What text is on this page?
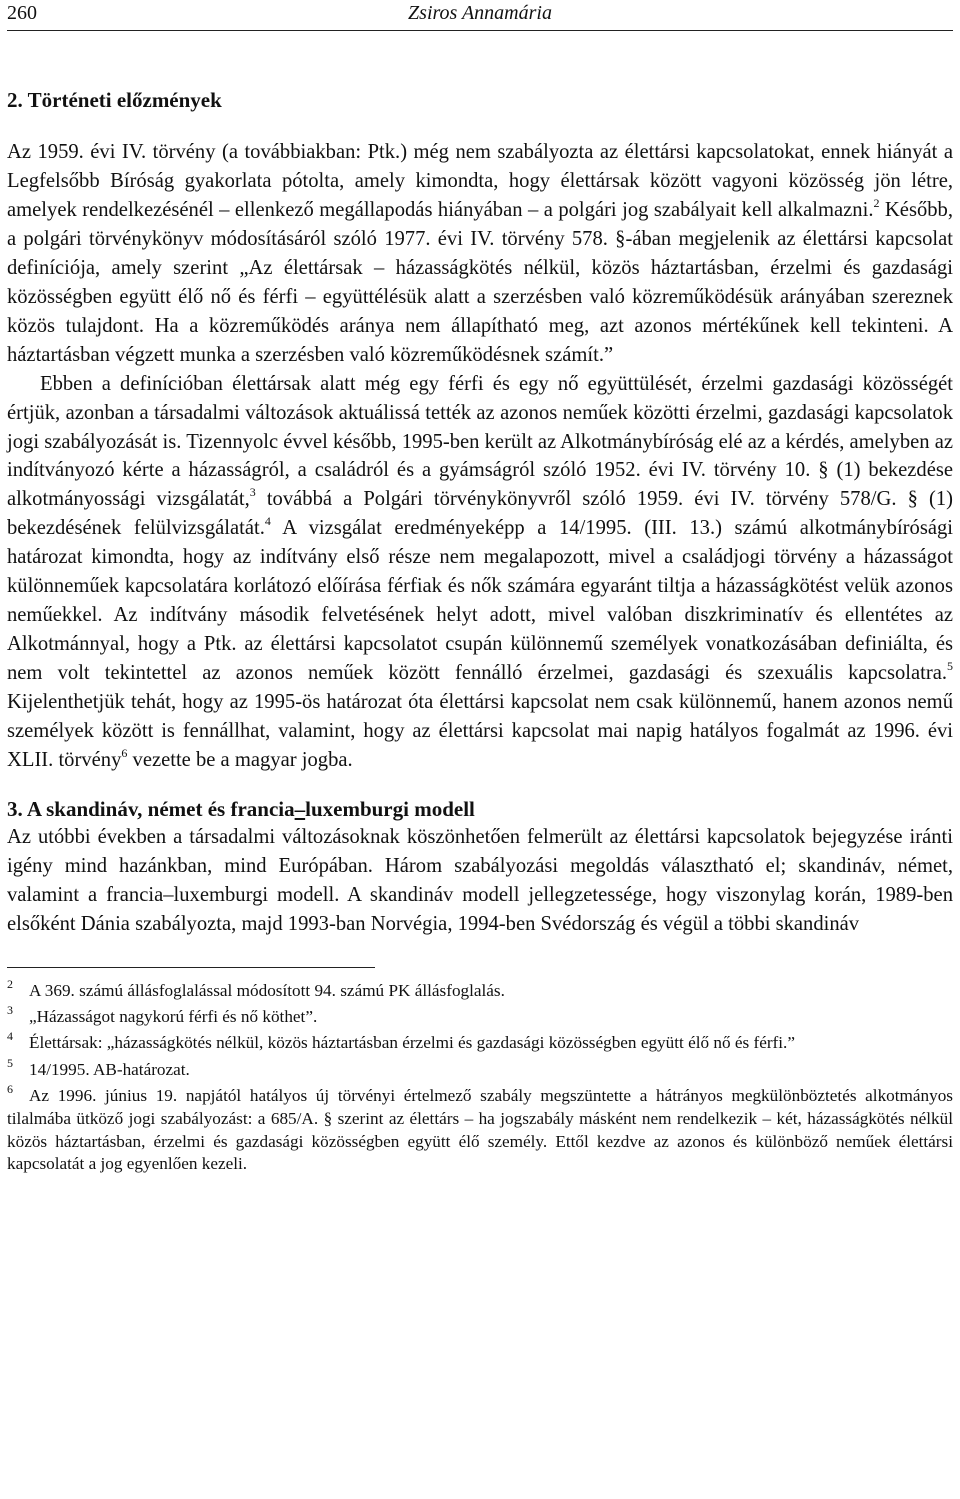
260	Zsiros Annamária
2. Történeti előzmények

Az 1959. évi IV. törvény (a továbbiakban: Ptk.) még nem szabályozta az élettársi kapcsolatokat, ennek hiányát a Legfelsőbb Bíróság gyakorlata pótolta, amely kimondta, hogy élettársak között vagyoni közösség jön létre, amelyek rendelkezésénél – ellenkező megállapodás hiányában – a polgári jog szabályait kell alkalmazni.$^2$ Később, a polgári törvénykönyv módosításáról szóló 1977. évi IV. törvény 578. §-ában megjelenik az élettársi kapcsolat definíciója, amely szerint „Az élettársak – házasságkötés nélkül, közös háztartásban, érzelmi és gazdasági közösségben együtt élő nő és férfi – együttélésük alatt a szerzésben való közreműködésük arányában szereznek közös tulajdont. Ha a közreműködés aránya nem állapítható meg, azt azonos mértékűnek kell tekinteni. A háztartásban végzett munka a szerzésben való közreműködésnek számít.”

Ebben a definícióban élettársak alatt még egy férfi és egy nő együttülését, érzelmi gazdasági közösségét értjük, azonban a társadalmi változások aktuálissá tették az azonos neműek közötti érzelmi, gazdasági kapcsolatok jogi szabályozását is. Tizennyolc évvel később, 1995-ben került az Alkotmánybíróság elé az a kérdés, amelyben az indítványozó kérte a házasságról, a családról és a gyámságról szóló 1952. évi IV. törvény 10. § (1) bekezdése alkotmányossági vizsgálatát,$^3$ továbbá a Polgári törvénykönyvről szóló 1959. évi IV. törvény 578/G. § (1) bekezdésének felülvizsgálatát.$^4$ A vizsgálat eredményeképp a 14/1995. (III. 13.) számú alkotmánybírósági határozat kimondta, hogy az indítvány első része nem megalapozott, mivel a családjogi törvény a házasságot különneműek kapcsolatára korlátozó előírása férfiak és nők számára egyaránt tiltja a házasságkötést velük azonos neműekkel. Az indítvány második felvetésének helyt adott, mivel valóban diszkriminatív és ellentétes az Alkotmánnyal, hogy a Ptk. az élettársi kapcsolatot csupán különnemű személyek vonatkozásában definiálta, és nem volt tekintettel az azonos neműek között fennálló érzelmei, gazdasági és szexuális kapcsolatra.$^5$ Kijelenthetjük tehát, hogy az 1995-ös határozat óta élettársi kapcsolat nem csak különnemű, hanem azonos nemű személyek között is fennállhat, valamint, hogy az élettársi kapcsolat mai napig hatályos fogalmát az 1996. évi XLII. törvény$^6$ vezette be a magyar jogba.

3. A skandináv, német és francia–luxemburgi modell

Az utóbbi években a társadalmi változásoknak köszönhetően felmerült az élettársi kapcsolatok bejegyzése iránti igény mind hazánkban, mind Európában. Három szabályozási megoldás választható el; skandináv, német, valamint a francia–luxemburgi modell. A skandináv modell jellegzetessége, hogy viszonylag korán, 1989-ben elsőként Dánia szabályozta, majd 1993-ban Norvégia, 1994-ben Svédország és végül a többi skandináv

$^2$ A 369. számú állásfoglalással módosított 94. számú PK állásfoglalás.

$^3$ „Házasságot nagykorú férfi és nő köthet”.

$^4$ Élettársak: „házasságkötés nélkül, közös háztartásban érzelmi és gazdasági közösségben együtt élő nő és férfi.”

$^5$ 14/1995. AB-határozat.

$^6$ Az 1996. június 19. napjától hatályos új törvényi értelmező szabály megszüntette a hátrányos megkülönböztetés alkotmányos tilalmába ütköző jogi szabályozást: a 685/A. § szerint az élettárs – ha jogszabály másként nem rendelkezik – két, házasságkötés nélkül közös háztartásban, érzelmi és gazdasági közösségben együtt élő személy. Ettől kezdve az azonos és különböző neműek élettársi kapcsolatát a jog egyenlően kezeli.
